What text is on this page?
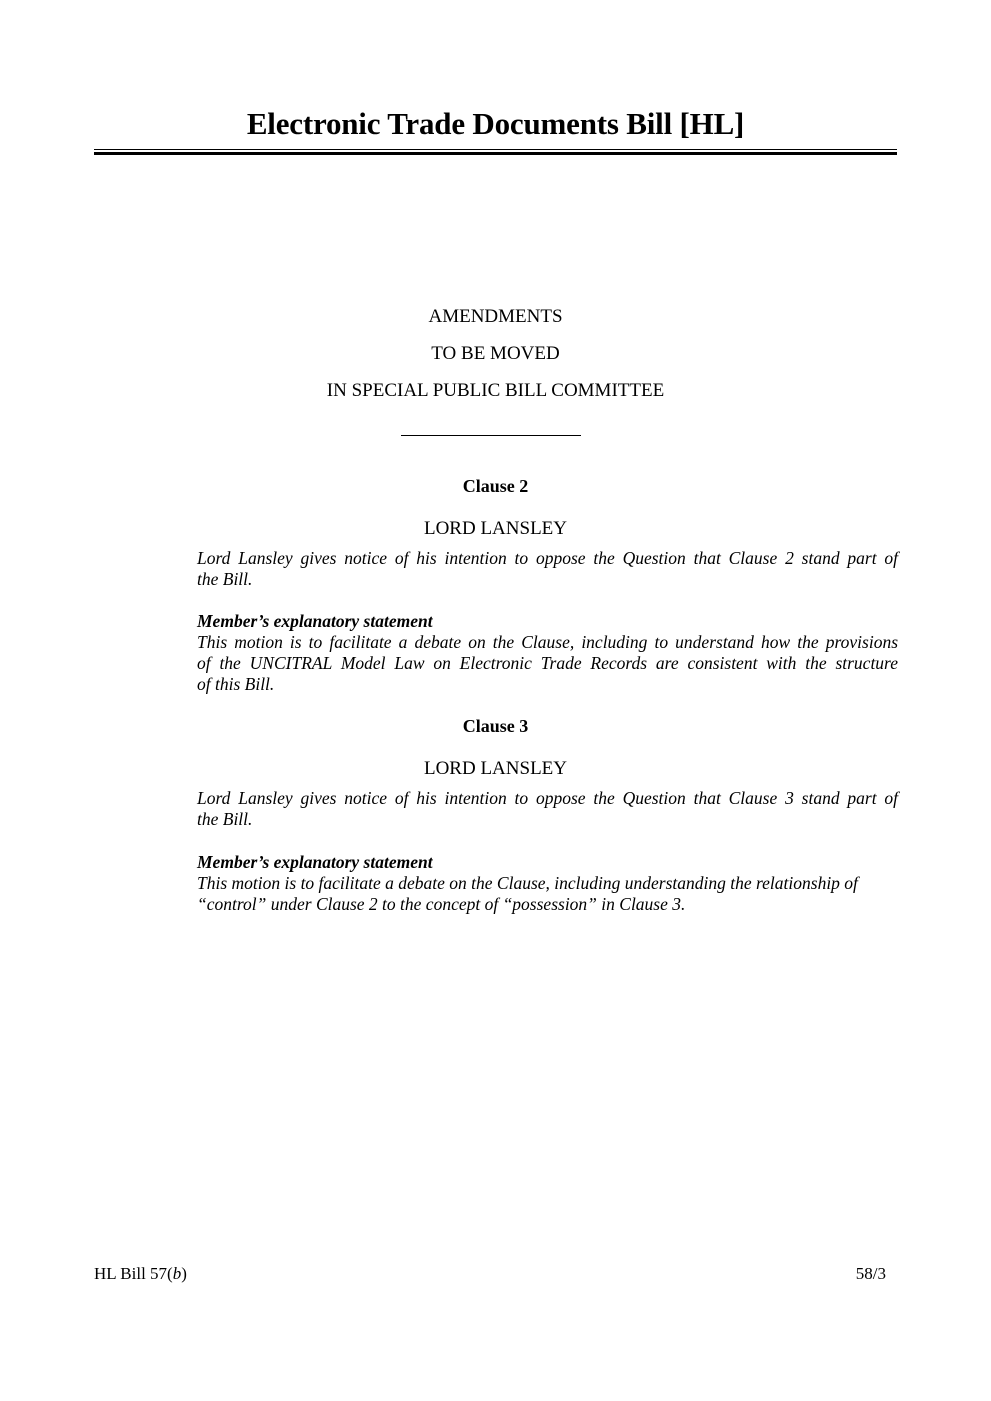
Electronic Trade Documents Bill [HL]
AMENDMENTS
TO BE MOVED
IN SPECIAL PUBLIC BILL COMMITTEE
Clause 2
LORD LANSLEY
Lord Lansley gives notice of his intention to oppose the Question that Clause 2 stand part of
the Bill.
Member’s explanatory statement
This motion is to facilitate a debate on the Clause, including to understand how the provisions
of the UNCITRAL Model Law on Electronic Trade Records are consistent with the structure
of this Bill.
Clause 3
LORD LANSLEY
Lord Lansley gives notice of his intention to oppose the Question that Clause 3 stand part of
the Bill.
Member’s explanatory statement
This motion is to facilitate a debate on the Clause, including understanding the relationship of
“control” under Clause 2 to the concept of “possession” in Clause 3.
HL Bill 57(b)	58/3
